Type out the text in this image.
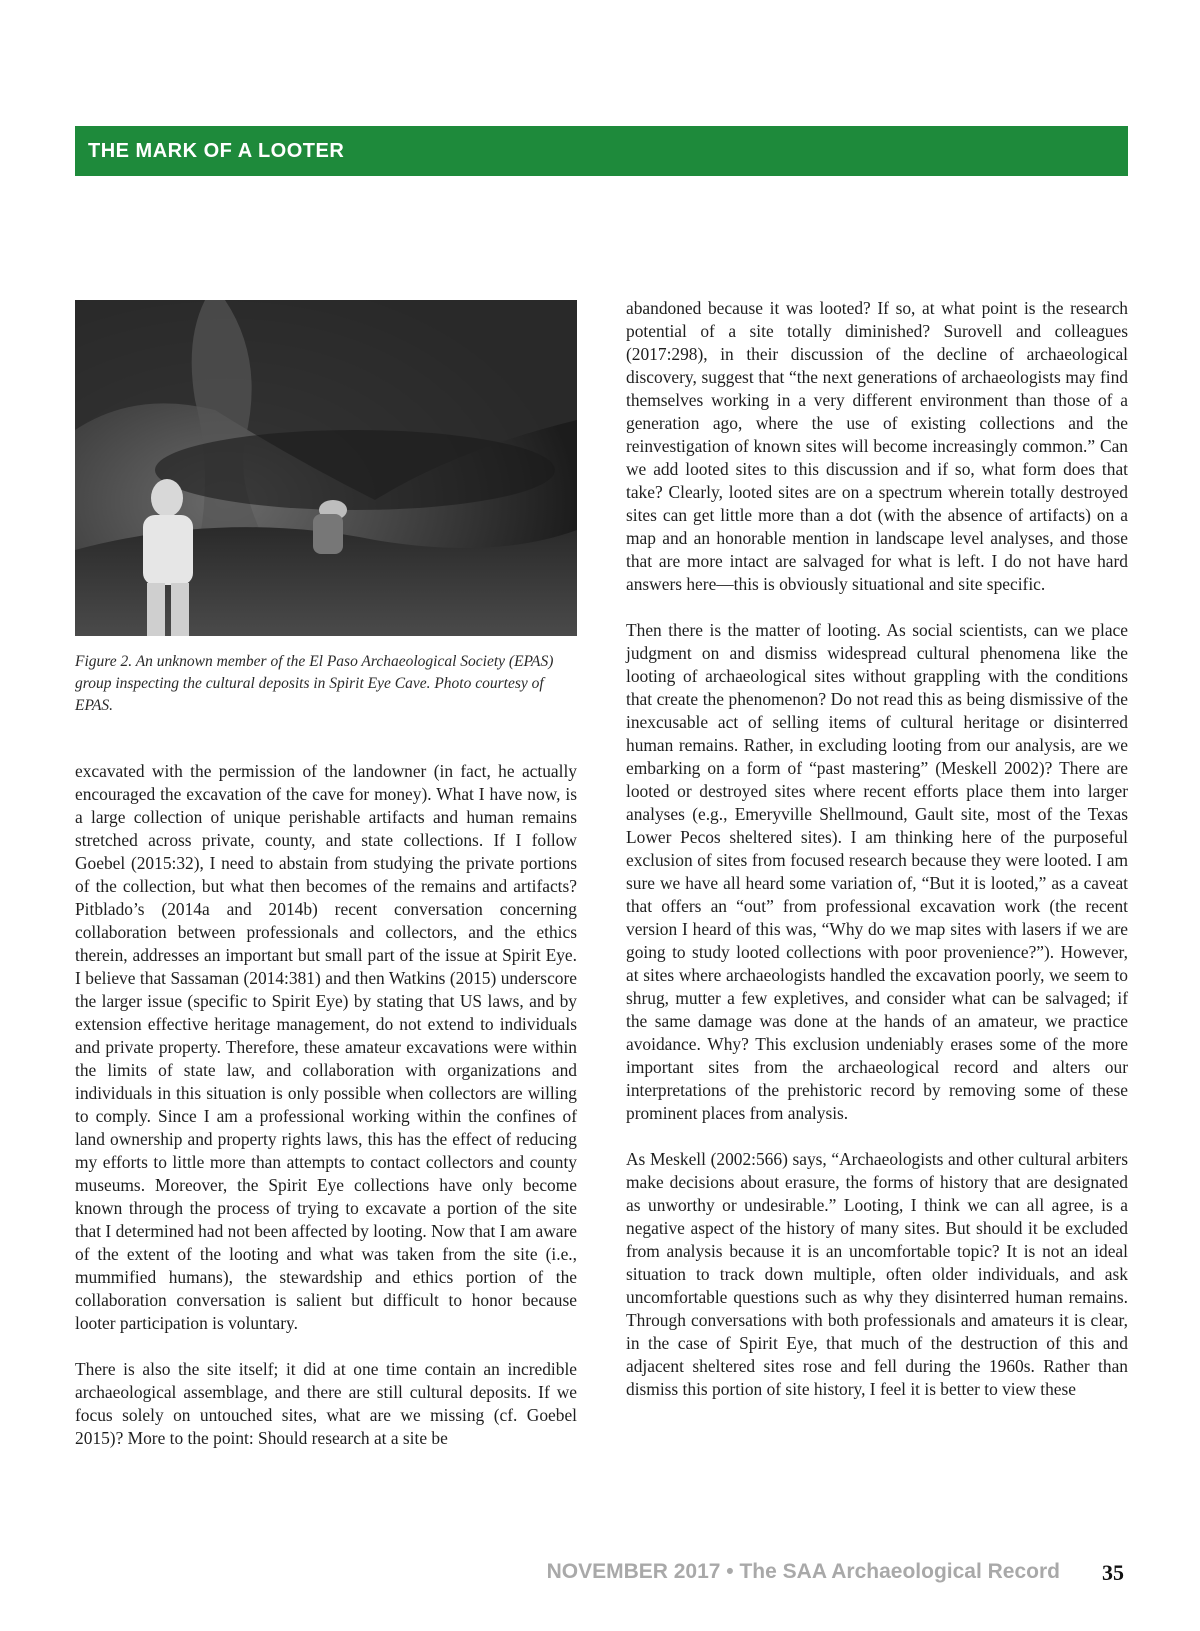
THE MARK OF A LOOTER
Figure 2. An unknown member of the El Paso Archaeological Society (EPAS) group inspecting the cultural deposits in Spirit Eye Cave. Photo courtesy of EPAS.

excavated with the permission of the landowner (in fact, he actually encouraged the excavation of the cave for money). What I have now, is a large collection of unique perishable artifacts and human remains stretched across private, county, and state collections. If I follow Goebel (2015:32), I need to abstain from studying the private portions of the collection, but what then becomes of the remains and artifacts? Pitblado’s (2014a and 2014b) recent conversation concerning collaboration between professionals and collectors, and the ethics therein, addresses an important but small part of the issue at Spirit Eye. I believe that Sassaman (2014:381) and then Watkins (2015) underscore the larger issue (specific to Spirit Eye) by stating that US laws, and by extension effective heritage management, do not extend to individuals and private property. Therefore, these amateur excavations were within the limits of state law, and collaboration with organizations and individuals in this situation is only possible when collectors are willing to comply. Since I am a professional working within the confines of land ownership and property rights laws, this has the effect of reducing my efforts to little more than attempts to contact collectors and county museums. Moreover, the Spirit Eye collections have only become known through the process of trying to excavate a portion of the site that I determined had not been affected by looting. Now that I am aware of the extent of the looting and what was taken from the site (i.e., mummified humans), the stewardship and ethics portion of the collaboration conversation is salient but difficult to honor because looter participation is voluntary.

There is also the site itself; it did at one time contain an incredible archaeological assemblage, and there are still cultural deposits. If we focus solely on untouched sites, what are we missing (cf. Goebel 2015)? More to the point: Should research at a site be

abandoned because it was looted? If so, at what point is the research potential of a site totally diminished? Surovell and colleagues (2017:298), in their discussion of the decline of archaeological discovery, suggest that “the next generations of archaeologists may find themselves working in a very different environment than those of a generation ago, where the use of existing collections and the reinvestigation of known sites will become increasingly common.” Can we add looted sites to this discussion and if so, what form does that take? Clearly, looted sites are on a spectrum wherein totally destroyed sites can get little more than a dot (with the absence of artifacts) on a map and an honorable mention in landscape level analyses, and those that are more intact are salvaged for what is left. I do not have hard answers here—this is obviously situational and site specific.

Then there is the matter of looting. As social scientists, can we place judgment on and dismiss widespread cultural phenomena like the looting of archaeological sites without grappling with the conditions that create the phenomenon? Do not read this as being dismissive of the inexcusable act of selling items of cultural heritage or disinterred human remains. Rather, in excluding looting from our analysis, are we embarking on a form of “past mastering” (Meskell 2002)? There are looted or destroyed sites where recent efforts place them into larger analyses (e.g., Emeryville Shellmound, Gault site, most of the Texas Lower Pecos sheltered sites). I am thinking here of the purposeful exclusion of sites from focused research because they were looted. I am sure we have all heard some variation of, “But it is looted,” as a caveat that offers an “out” from professional excavation work (the recent version I heard of this was, “Why do we map sites with lasers if we are going to study looted collections with poor provenience?”). However, at sites where archaeologists handled the excavation poorly, we seem to shrug, mutter a few expletives, and consider what can be salvaged; if the same damage was done at the hands of an amateur, we practice avoidance. Why? This exclusion undeniably erases some of the more important sites from the archaeological record and alters our interpretations of the prehistoric record by removing some of these prominent places from analysis.

As Meskell (2002:566) says, “Archaeologists and other cultural arbiters make decisions about erasure, the forms of history that are designated as unworthy or undesirable.” Looting, I think we can all agree, is a negative aspect of the history of many sites. But should it be excluded from analysis because it is an uncomfortable topic? It is not an ideal situation to track down multiple, often older individuals, and ask uncomfortable questions such as why they disinterred human remains. Through conversations with both professionals and amateurs it is clear, in the case of Spirit Eye, that much of the destruction of this and adjacent sheltered sites rose and fell during the 1960s. Rather than dismiss this portion of site history, I feel it is better to view these

NOVEMBER 2017 • The SAA Archaeological Record 35
